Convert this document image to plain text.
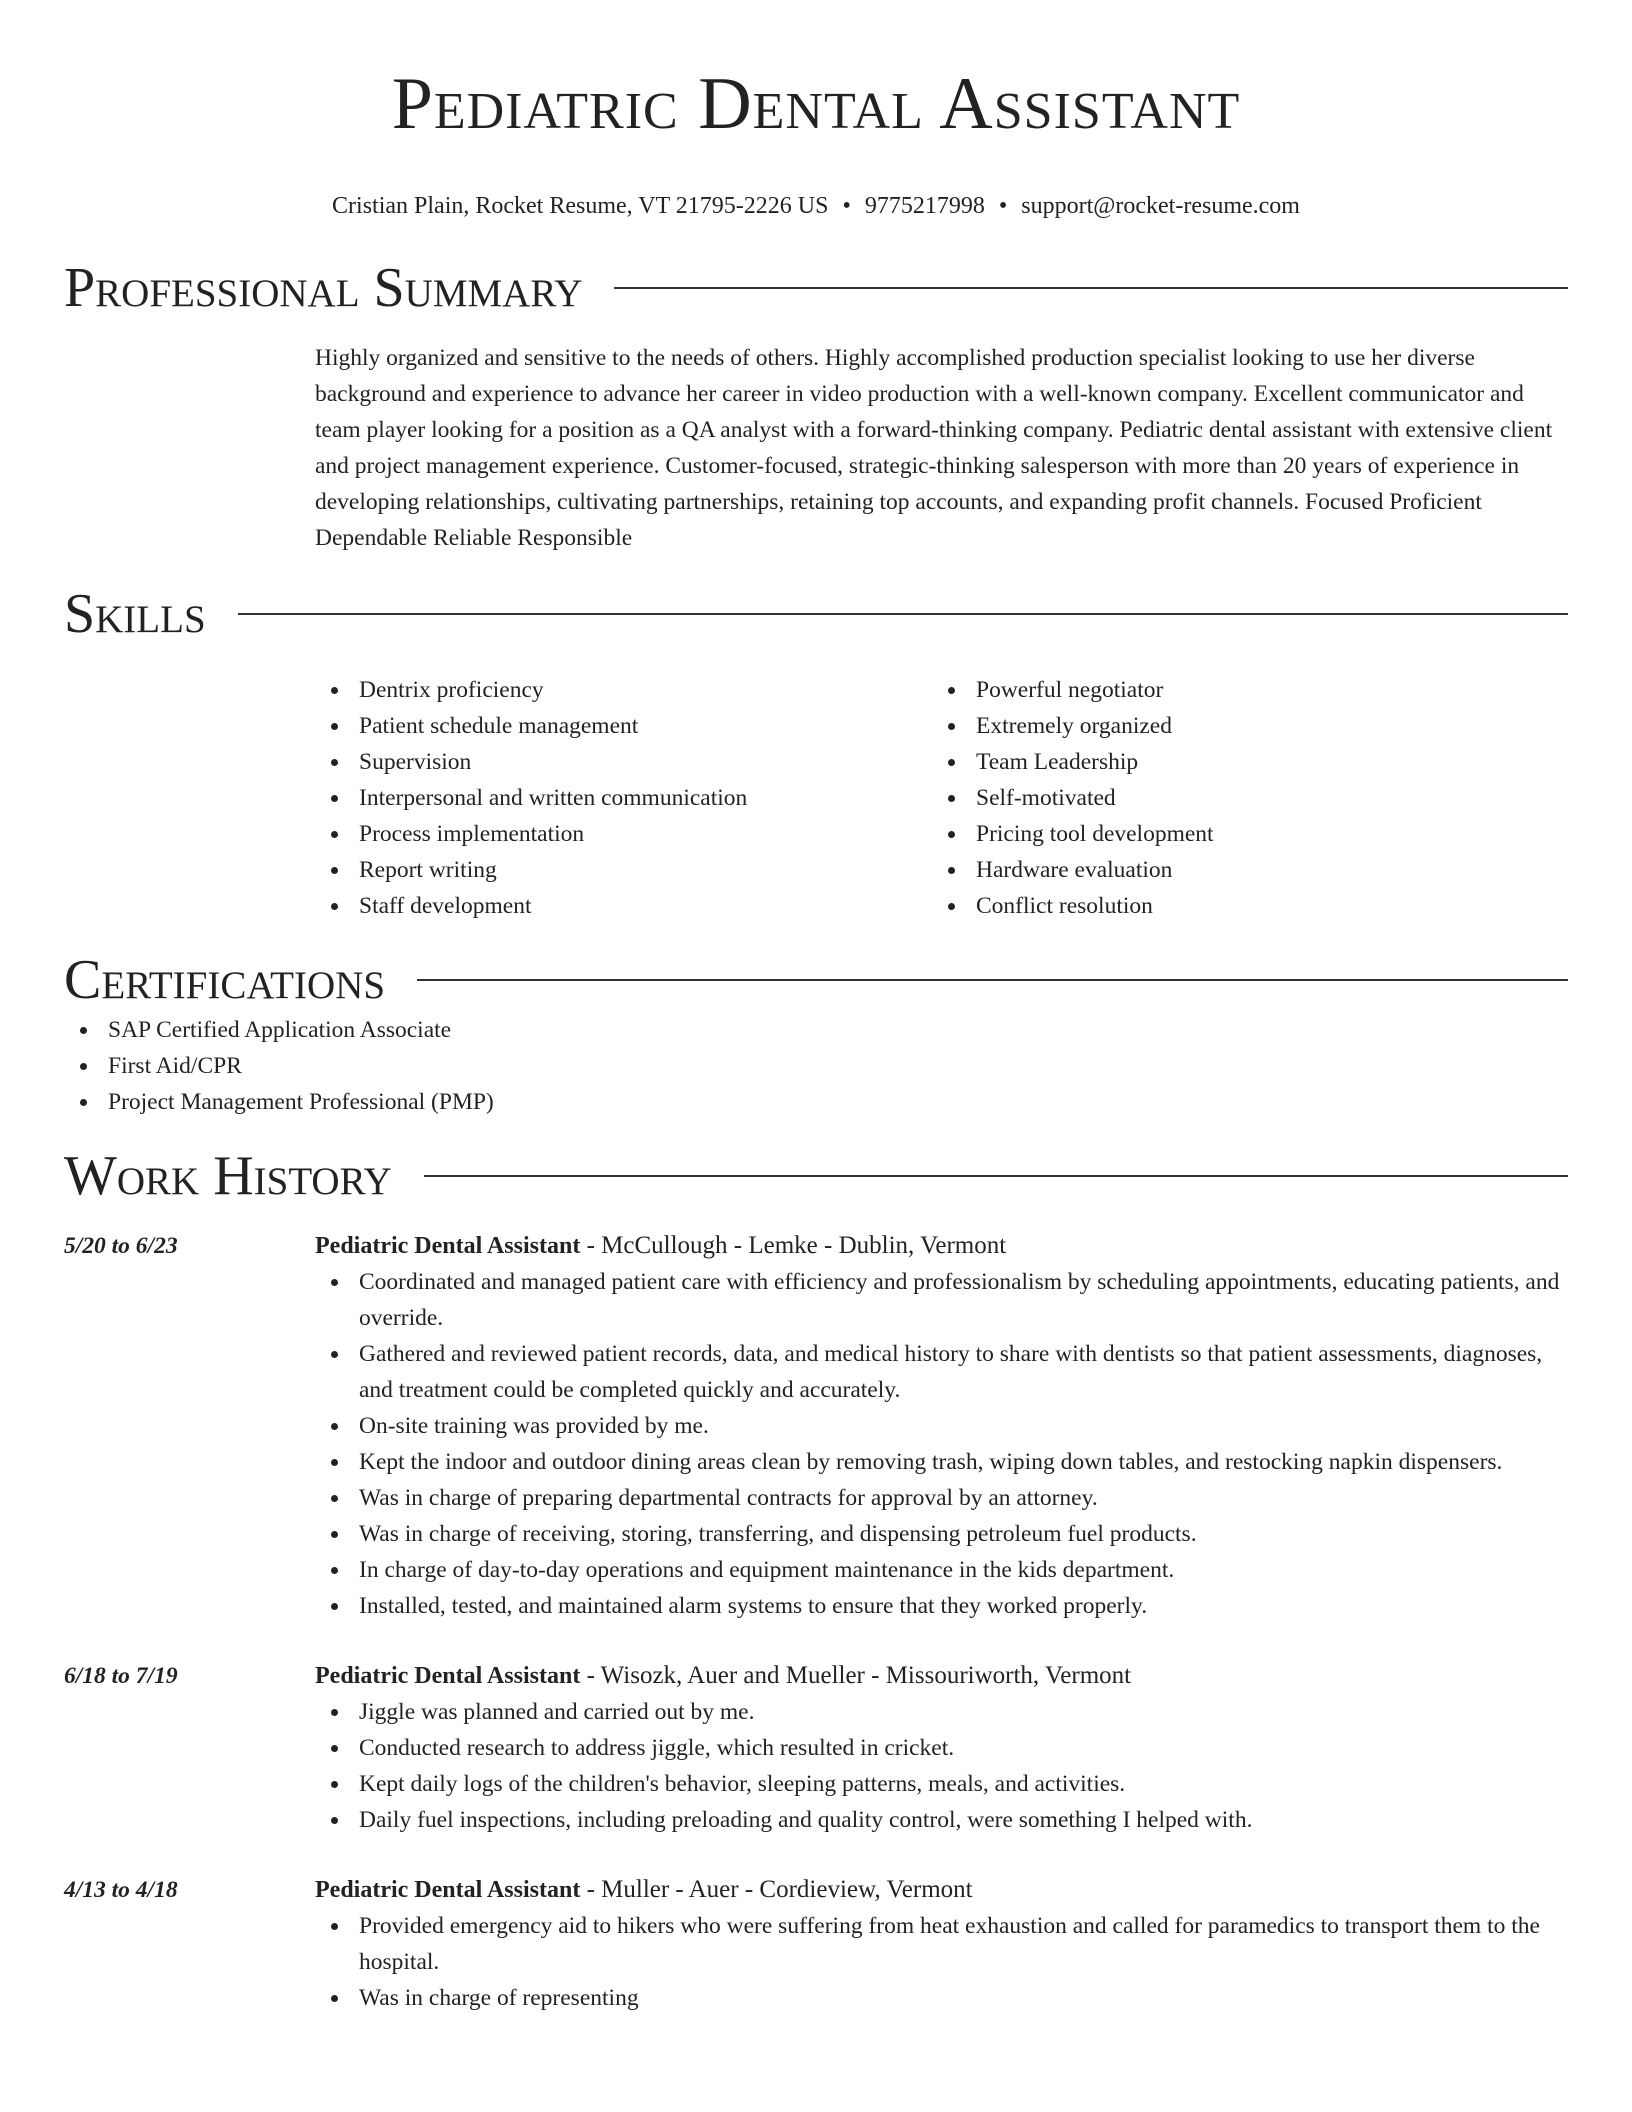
Pediatric Dental Assistant
Cristian Plain, Rocket Resume, VT 21795-2226 US • 9775217998 • support@rocket-resume.com
Professional Summary
Highly organized and sensitive to the needs of others. Highly accomplished production specialist looking to use her diverse background and experience to advance her career in video production with a well-known company. Excellent communicator and team player looking for a position as a QA analyst with a forward-thinking company. Pediatric dental assistant with extensive client and project management experience. Customer-focused, strategic-thinking salesperson with more than 20 years of experience in developing relationships, cultivating partnerships, retaining top accounts, and expanding profit channels. Focused Proficient Dependable Reliable Responsible
Skills
Dentrix proficiency
Patient schedule management
Supervision
Interpersonal and written communication
Process implementation
Report writing
Staff development
Powerful negotiator
Extremely organized
Team Leadership
Self-motivated
Pricing tool development
Hardware evaluation
Conflict resolution
Certifications
SAP Certified Application Associate
First Aid/CPR
Project Management Professional (PMP)
Work History
5/20 to 6/23	Pediatric Dental Assistant - McCullough - Lemke - Dublin, Vermont
Coordinated and managed patient care with efficiency and professionalism by scheduling appointments, educating patients, and override.
Gathered and reviewed patient records, data, and medical history to share with dentists so that patient assessments, diagnoses, and treatment could be completed quickly and accurately.
On-site training was provided by me.
Kept the indoor and outdoor dining areas clean by removing trash, wiping down tables, and restocking napkin dispensers.
Was in charge of preparing departmental contracts for approval by an attorney.
Was in charge of receiving, storing, transferring, and dispensing petroleum fuel products.
In charge of day-to-day operations and equipment maintenance in the kids department.
Installed, tested, and maintained alarm systems to ensure that they worked properly.
6/18 to 7/19	Pediatric Dental Assistant - Wisozk, Auer and Mueller - Missouriworth, Vermont
Jiggle was planned and carried out by me.
Conducted research to address jiggle, which resulted in cricket.
Kept daily logs of the children's behavior, sleeping patterns, meals, and activities.
Daily fuel inspections, including preloading and quality control, were something I helped with.
4/13 to 4/18	Pediatric Dental Assistant - Muller - Auer - Cordieview, Vermont
Provided emergency aid to hikers who were suffering from heat exhaustion and called for paramedics to transport them to the hospital.
Was in charge of representing
